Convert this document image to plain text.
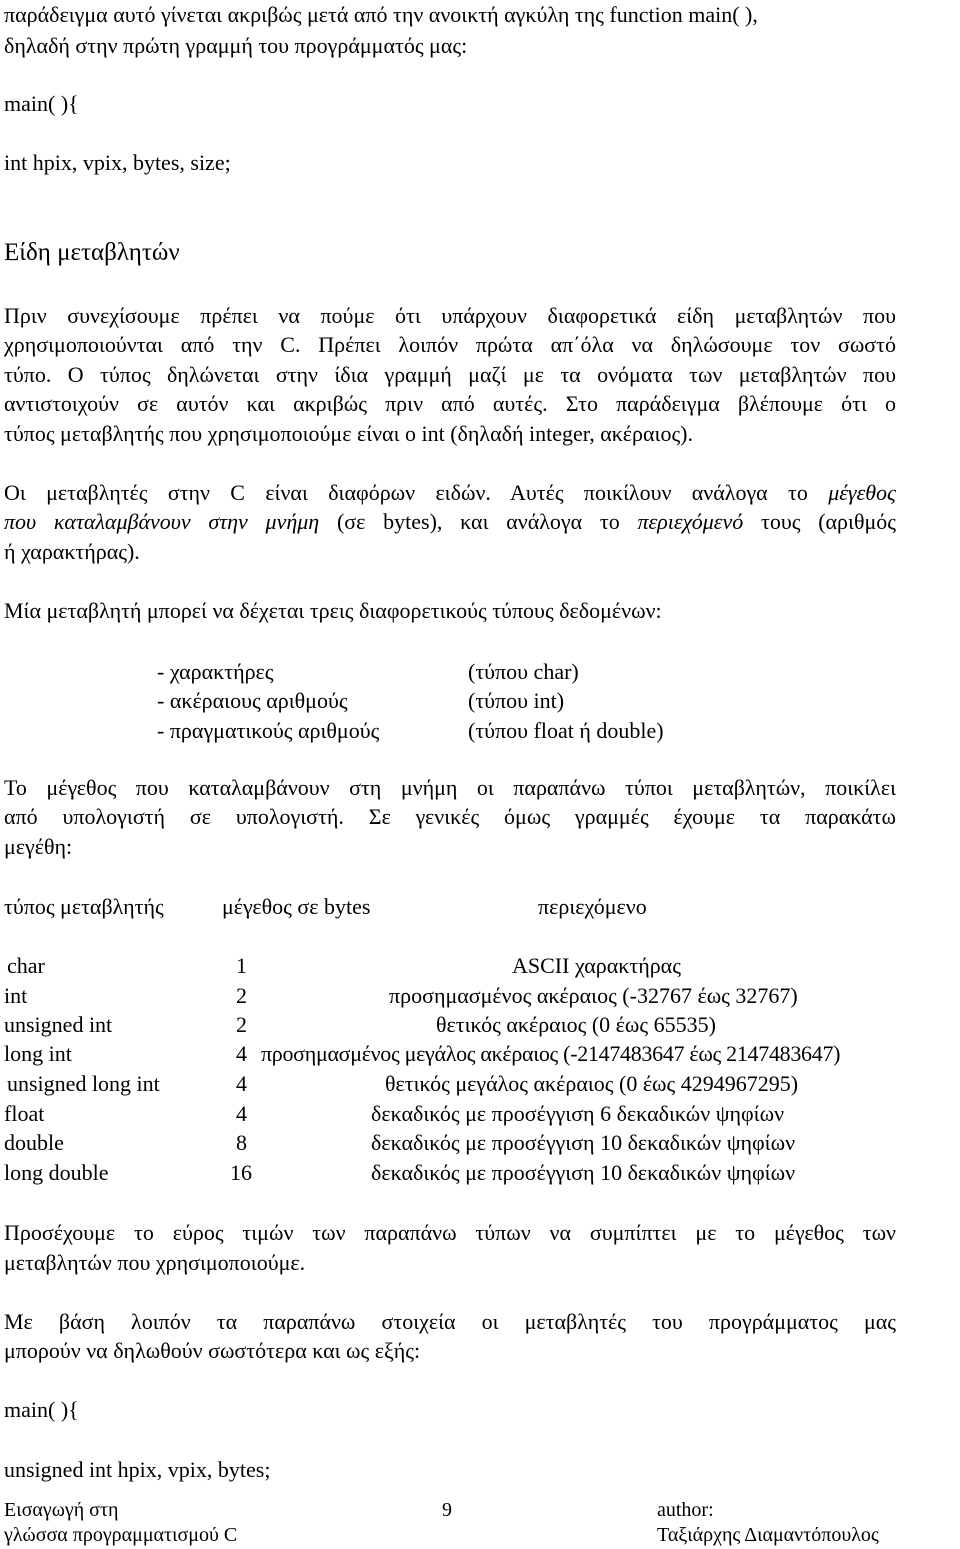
παράδειγμα αυτό γίνεται ακριβώς μετά από την ανοικτή αγκύλη της function main( ),
δηλαδή στην πρώτη γραμμή του προγράμματός μας:
main( ){
int hpix, vpix, bytes, size;
Είδη μεταβλητών
Πριν συνεχίσουμε πρέπει να πούμε ότι υπάρχουν διαφορετικά είδη μεταβλητών που
χρησιμοποιούνται από την C. Πρέπει λοιπόν πρώτα απ΄όλα να δηλώσουμε τον σωστό
τύπο. Ο τύπος δηλώνεται στην ίδια γραμμή μαζί με τα ονόματα των μεταβλητών που
αντιστοιχούν σε αυτόν και ακριβώς πριν από αυτές. Στο παράδειγμα βλέπουμε ότι ο
τύπος μεταβλητής που χρησιμοποιούμε είναι ο int (δηλαδή integer, ακέραιος).
Οι μεταβλητές στην C είναι διαφόρων ειδών. Αυτές ποικίλουν ανάλογα το μέγεθος
που καταλαμβάνουν στην μνήμη (σε bytes), και ανάλογα το περιεχόμενό τους (αριθμός
ή χαρακτήρας).
Μία μεταβλητή μπορεί να δέχεται τρεις διαφορετικούς τύπους δεδομένων:
- χαρακτήρες	(τύπου char)
- ακέραιους αριθμούς	(τύπου int)
- πραγματικούς αριθμούς	(τύπου float ή double)
Το μέγεθος που καταλαμβάνουν στη μνήμη οι παραπάνω τύποι μεταβλητών, ποικίλει
από υπολογιστή σε υπολογιστή. Σε γενικές όμως γραμμές έχουμε τα παρακάτω
μεγέθη:
τύπος μεταβλητής	μέγεθος σε bytes	περιεχόμενο
char	1	ASCII χαρακτήρας
int	2	προσημασμένος ακέραιος (-32767 έως 32767)
unsigned int	2	θετικός ακέραιος (0 έως 65535)
long int	4 προσημασμένος μεγάλος ακέραιος (-2147483647 έως 2147483647)
unsigned long int	4	θετικός μεγάλος ακέραιος (0 έως 4294967295)
float	4	δεκαδικός με προσέγγιση 6 δεκαδικών ψηφίων
double	8	δεκαδικός με προσέγγιση 10 δεκαδικών ψηφίων
long double	16	δεκαδικός με προσέγγιση 10 δεκαδικών ψηφίων
Προσέχουμε το εύρος τιμών των παραπάνω τύπων να συμπίπτει με το μέγεθος των
μεταβλητών που χρησιμοποιούμε.
Με βάση λοιπόν τα παραπάνω στοιχεία οι μεταβλητές του προγράμματος μας
μπορούν να δηλωθούν σωστότερα και ως εξής:
main( ){
unsigned int hpix, vpix, bytes;
Εισαγωγή στη
γλώσσα προγραμματισμού C
9	author:
Ταξιάρχης Διαμαντόπουλος
